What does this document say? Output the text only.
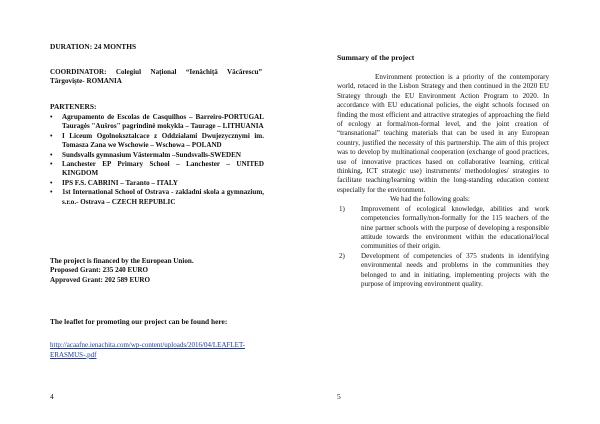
DURATION: 24 MONTHS
COORDINATOR: Colegiul Național “Ienăchiță Văcărescu” Târgoviște- ROMANIA
PARTENERS:
• Agrupamento de Escolas de Casquilhos – Barreiro-PORTUGAL Tauragės "Aušros" pagrindinė mokykla – Taurage – LITHUANIA
• I Liceum Ogolnoksztalcace z Oddzialami Dwujezycznymi im. Tomasza Zana we Wschowie – Wschowa – POLAND
• Sundsvalls gymnasium Västermalm –Sundsvalls-SWEDEN
• Lanchester EP Primary School – Lanchester – UNITED KINGDOM
• IPS F.S. CABRINI – Taranto – ITALY
• 1st International School of Ostrava - zakladni skola a gymnazium, s.r.o.- Ostrava – CZECH REPUBLIC
The project is financed by the European Union.
Proposed Grant: 235 240 EURO
Approved Grant: 202 589 EURO
The leaflet for promoting our project can be found here:
http://acaafne.ienachita.com/wp-content/uploads/2016/04/LEAFLET-ERASMUS-.pdf
4
Summary of the project
Environment protection is a priority of the contemporary world, retaced in the Lisbon Strategy and then continued in the 2020 EU Strategy through the EU Environment Action Program to 2020. In accordance with EU educational policies, the eight schools focused on finding the most efficient and attractive strategies of approaching the field of ecology at formal/non-formal level, and the joint creation of “transnational” teaching materials that can be used in any European country, justified the necessity of this partnership. The aim of this project was to develop by multinational cooperation (exchange of good practices, use of innovative practices based on collaborative learning, critical thinking, ICT strategic use) instruments/ methodologies/ strategies to facilitate teaching/learning within the long-standing education context especially for the environment.
We had the following goals:
1) Improvement of ecological knowledge, abilities and work competencies formally/non-formally for the 115 teachers of the nine partner schools with the purpose of developing a responsible attitude towards the environment within the educational/local communities of their origin.
2) Development of competencies of 375 students in identifying environmental needs and problems in the communities they belonged to and in initiating, implementing projects with the purpose of improving environment quality.
5
